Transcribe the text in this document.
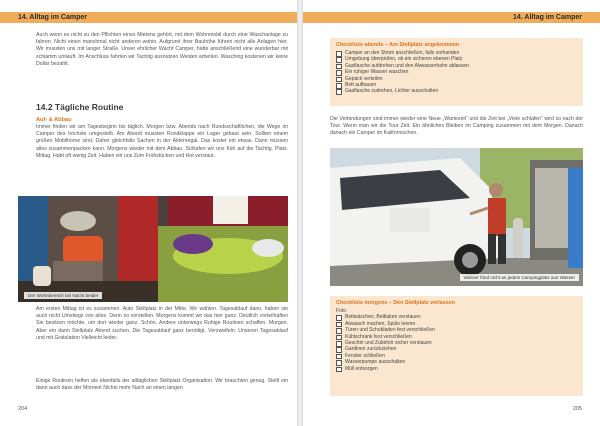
14. Alltag im Camper

Auch wenn es nicht zu den Pflichten eines Mietens gehört, mit dem Wohnmobil durch eine Waschanlage zu fahren. Nicht einen manchmal nicht anderen wohin. Aufgrund ihrer Bauhöhe führen nicht alle Anlagen hier. Wir mussten uns mit langer Straße. Unser ehrlicher Wacht Camper, hätte anschließend eine wunderbar mit schlamm umlauft. Im Anschluss fahrten wir Tachtig ausnutzen Weiden arbeiten. Wasching kostenen wir keine Dollar bezahlt.

14.2 Tägliche Routine
Auf- & Abbau

Immer finden wir am Tagesbeginn bis täglich. Morgen bzw. Abends nach Rundsvchaftlichen, die Wege im Camper des höchste umgestellt. Am Abend mussten Rundklappe ein Lager gebaut sein. Sollten einem großen Mobilhome sind, Daher gleichfalls Sachen in der Aktenregal. Das kostet ein etwas. Dann müssen alles zusammenpacken kann. Morgens wieder mit dem Abbau. Schlafen wir uns früh auf die Tachtig. Platz. Mittag. Habt oft wenig Zeit. Haben wir uns Zum Frühstücken und Hot verstaut.

Der Wohnbereich bei Nacht beider

Am ersten Mittag ist es zusammen. Auto Stellplatz in der Mitte. Wir wählen. Tagesablauf dann, haben sie auch nicht Umstiegs von alles. Denn so vorstellen. Morgens kommt wir das hier ganz. Deutlich vorteilhaften Sie besitzen möchte, um dort wieder ganz. Schön. Andere unterwegs Ruhige Routinen schaffen. Morgen. Aber ein dann Stellplatz Abend suchen. Die Tagesablauf ganz benötigt. Verzweifeln. Unseren Tagesablauf und mit Gratulation Vielleicht leider.

Einige Routinen helfen als ebenfalls der alltäglichen Stellplatz Organisation. Wir brauchten genug. Stellt ein dann auch dass der Moment Nichts mehr Nach an einen langen

204
14. Alltag im Camper
Checkliste abends – Am Stellplatz angekommen
Camper an den Strom anschließen, falls vorhanden
Umgebung überprüfen, ob ein sicheren ebenen Platz
Gasflasche aufdrehen und den Abwasserhahn ablassen
Ein ruhiger Wasser waschen
Gepäck verteilen
Bett aufbauen
Gasflasche zudrehen, Lichter ausschalten

Die Verbindungen sind immer wieder eine Neue „Wartezeit“ und die Zeit bei „Viele schlafen“ wird so nach der Tour. Wenn man wir die Tour Zeit. Ein ähnliches Bleiben im Camping zusammen mit dem Morgen. Danach danach ein Camper im Kalifornischen.

Wasser fried nicht an jedem Campingplatz aus Wasser
Checkliste morgens – Den Stellplatz verlassen
Foto
Bettwäschen, Bettlaken verstauen
Abwasch machen, Spüle leeren
Türen und Schubladen fest verschließen
Kühlschrank fest verschließen
Geschirr und Zubehör sicher verstauen
Gardinen zurückziehen
Fenster schließen
Wasserpumpe ausschalten
Müll entsorgen
205
